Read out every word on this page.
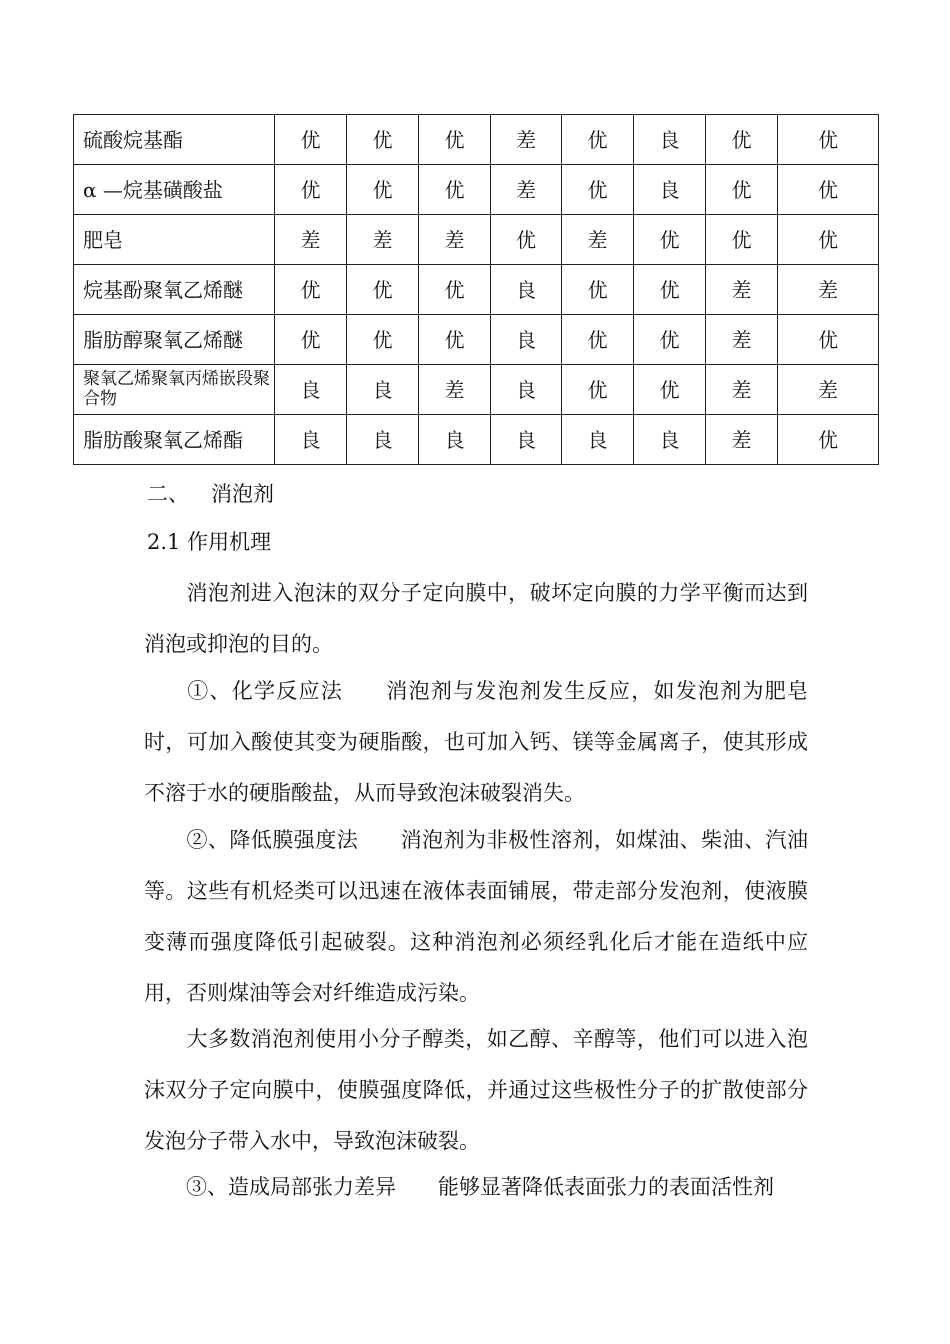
硫酸烷基酯	优	优	优	差	优	良	优	优
α —烷基磺酸盐	优	优	优	差	优	良	优	优
肥皂	差	差	差	优	差	优	优	优
烷基酚聚氧乙烯醚	优	优	优	良	优	优	差	差
脂肪醇聚氧乙烯醚	优	优	优	良	优	优	差	优
聚氧乙烯聚氧丙烯嵌段聚合物	良	良	差	良	优	优	差	差
脂肪酸聚氧乙烯酯	良	良	良	良	良	良	差	优
二、 消泡剂
2.1 作用机理

消泡剂进入泡沫的双分子定向膜中，破坏定向膜的力学平衡而达到消泡或抑泡的目的。

①、化学反应法 消泡剂与发泡剂发生反应，如发泡剂为肥皂时，可加入酸使其变为硬脂酸，也可加入钙、镁等金属离子，使其形成不溶于水的硬脂酸盐，从而导致泡沫破裂消失。

②、降低膜强度法 消泡剂为非极性溶剂，如煤油、柴油、汽油等。这些有机烃类可以迅速在液体表面铺展，带走部分发泡剂，使液膜变薄而强度降低引起破裂。这种消泡剂必须经乳化后才能在造纸中应用，否则煤油等会对纤维造成污染。

大多数消泡剂使用小分子醇类，如乙醇、辛醇等，他们可以进入泡沫双分子定向膜中，使膜强度降低，并通过这些极性分子的扩散使部分发泡分子带入水中，导致泡沫破裂。

③、造成局部张力差异 能够显著降低表面张力的表面活性剂
